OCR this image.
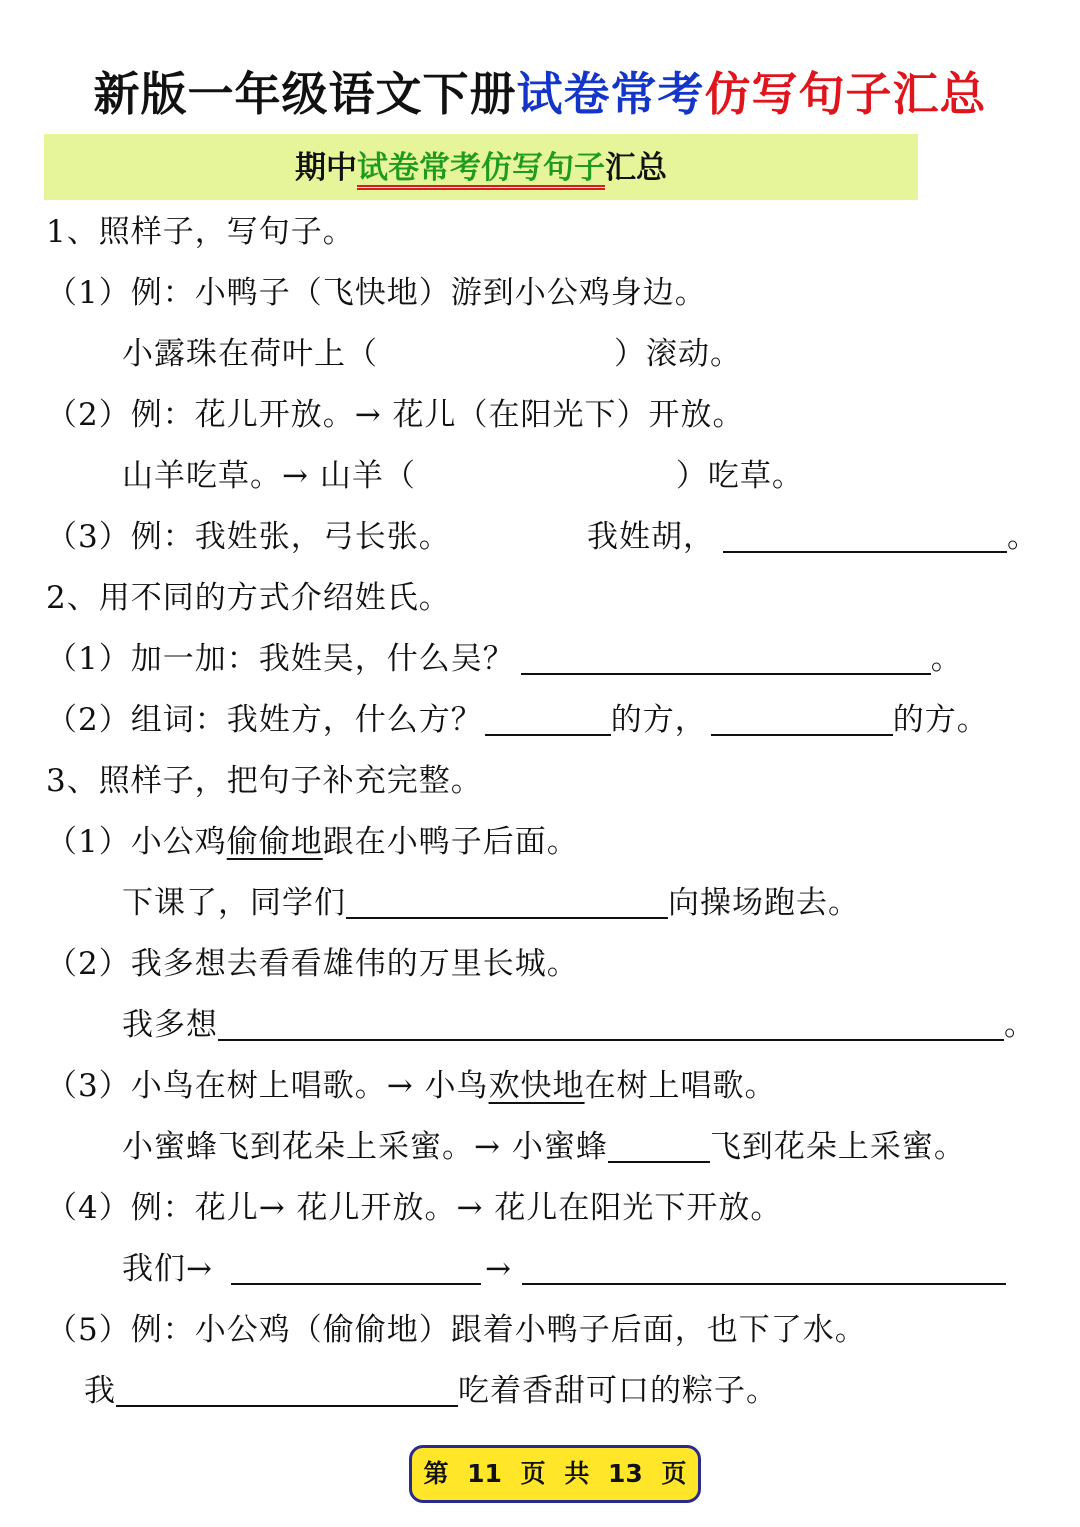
新版一年级语文下册试卷常考仿写句子汇总
期中试卷常考仿写句子汇总
1、照样子，写句子。
（1）例：小鸭子（飞快地）游到小公鸡身边。
小露珠在荷叶上（	）滚动。
（2）例：花儿开放。→ 花儿（在阳光下）开放。
山羊吃草。→ 山羊（	）吃草。
（3）例：我姓张，弓长张。	我姓胡，	。
2、用不同的方式介绍姓氏。
（1）加一加：我姓吴，什么吴？	。
（2）组词：我姓方，什么方？	的方，	的方。
3、照样子，把句子补充完整。
（1）小公鸡偷偷地跟在小鸭子后面。
下课了，同学们	向操场跑去。
（2）我多想去看看雄伟的万里长城。
我多想	。
（3）小鸟在树上唱歌。→ 小鸟欢快地在树上唱歌。
小蜜蜂飞到花朵上采蜜。→ 小蜜蜂	飞到花朵上采蜜。
（4）例：花儿→ 花儿开放。→ 花儿在阳光下开放。
我们→	→
（5）例：小公鸡（偷偷地）跟着小鸭子后面，也下了水。
我	吃着香甜可口的粽子。
第 11 页 共 13 页
